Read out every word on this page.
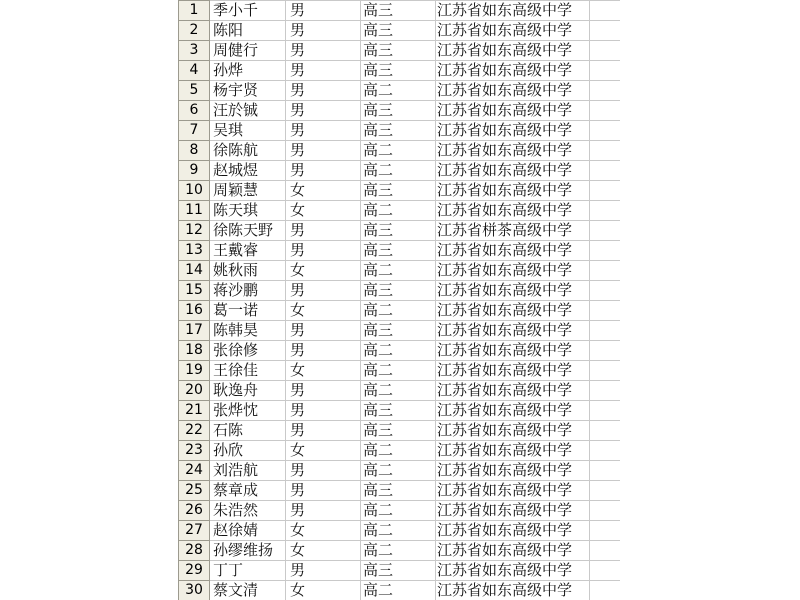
1	季小千	男	高三	江苏省如东高级中学	
2	陈阳	男	高三	江苏省如东高级中学	
3	周健行	男	高三	江苏省如东高级中学	
4	孙烨	男	高三	江苏省如东高级中学	
5	杨宇贤	男	高二	江苏省如东高级中学	
6	汪於铖	男	高三	江苏省如东高级中学	
7	吴琪	男	高三	江苏省如东高级中学	
8	徐陈航	男	高二	江苏省如东高级中学	
9	赵城煜	男	高二	江苏省如东高级中学	
10	周颖慧	女	高三	江苏省如东高级中学	
11	陈天琪	女	高二	江苏省如东高级中学	
12	徐陈天野	男	高三	江苏省栟茶高级中学	
13	王戴睿	男	高三	江苏省如东高级中学	
14	姚秋雨	女	高二	江苏省如东高级中学	
15	蒋沙鹏	男	高三	江苏省如东高级中学	
16	葛一诺	女	高二	江苏省如东高级中学	
17	陈韩昊	男	高三	江苏省如东高级中学	
18	张徐修	男	高二	江苏省如东高级中学	
19	王徐佳	女	高二	江苏省如东高级中学	
20	耿逸舟	男	高二	江苏省如东高级中学	
21	张烨忱	男	高三	江苏省如东高级中学	
22	石陈	男	高三	江苏省如东高级中学	
23	孙欣	女	高二	江苏省如东高级中学	
24	刘浩航	男	高二	江苏省如东高级中学	
25	蔡章成	男	高三	江苏省如东高级中学	
26	朱浩然	男	高二	江苏省如东高级中学	
27	赵徐婧	女	高二	江苏省如东高级中学	
28	孙缪维扬	女	高二	江苏省如东高级中学	
29	丁丁	男	高三	江苏省如东高级中学	
30	蔡文清	女	高二	江苏省如东高级中学	
